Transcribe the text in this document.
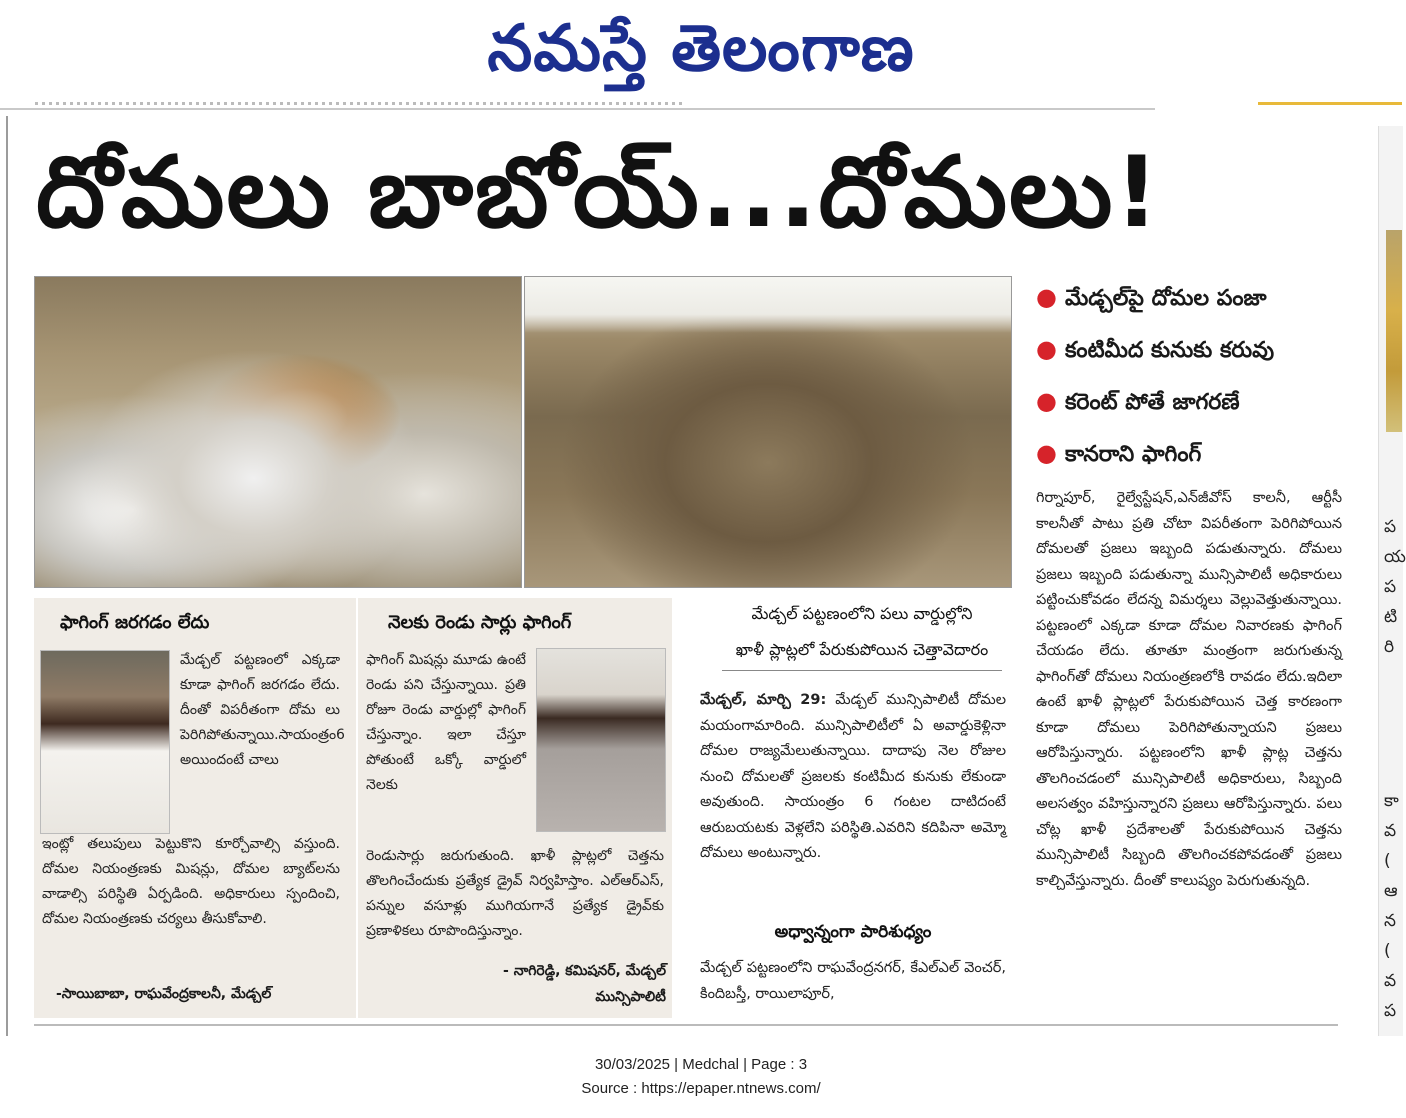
నమస్తే తెలంగాణ
ప
య
ప
టి
రి
కా
వ
(
ఆ
న
(
వ
ప
దోమలు బాబోయ్...దోమలు!
● మేడ్చల్‌పై దోమల పంజా
● కంటిమీద కునుకు కరువు
● కరెంట్ పోతే జాగరణే
● కానరాని ఫాగింగ్
గిర్నాపూర్, రైల్వేస్టేషన్,ఎన్‌జీవోస్ కాలనీ, ఆర్టీసీ కాలనీతో పాటు ప్రతి చోటా విపరీతంగా పెరిగిపోయిన దోమలతో ప్రజలు ఇబ్బంది పడుతున్నారు. దోమలు ప్రజలు ఇబ్బంది పడుతున్నా మున్సిపాలిటీ అధికారులు పట్టించుకోవడం లేదన్న విమర్శలు వెల్లువెత్తుతున్నాయి. పట్టణంలో ఎక్కడా కూడా దోమల నివారణకు ఫాగింగ్ చేయడం లేదు. తూతూ మంత్రంగా జరుగుతున్న ఫాగింగ్‌తో దోమలు నియంత్రణలోకి రావడం లేదు.ఇదిలా ఉంటే ఖాళీ ప్లాట్లలో పేరుకుపోయిన చెత్త కారణంగా కూడా దోమలు పెరిగిపోతున్నాయని ప్రజలు ఆరోపిస్తున్నారు. పట్టణంలోని ఖాళీ ప్లాట్ల చెత్తను తొలగించడంలో మున్సిపాలిటీ అధికారులు, సిబ్బంది అలసత్వం వహిస్తున్నారని ప్రజలు ఆరోపిస్తున్నారు. పలు చోట్ల ఖాళీ ప్రదేశాలతో పేరుకుపోయిన చెత్తను మున్సిపాలిటీ సిబ్బంది తొలగించకపోవడంతో ప్రజలు కాల్చివేస్తున్నారు. దీంతో కాలుష్యం పెరుగుతున్నది.
మేడ్చల్ పట్టణంలోని పలు వార్డుల్లోని
ఖాళీ ప్లాట్లలో పేరుకుపోయిన చెత్తావెదారం
మేడ్చల్, మార్చి 29: మేడ్చల్ మున్సిపాలిటీ దోమల మయంగామారింది. మున్సిపాలిటీలో ఏ అవార్డుకెళ్లినా దోమల రాజ్యమేలుతున్నాయి. దాదాపు నెల రోజుల నుంచి దోమలతో ప్రజలకు కంటిమీద కునుకు లేకుండా అవుతుంది. సాయంత్రం 6 గంటల దాటిదంటే ఆరుబయటకు వెళ్లలేని పరిస్థితి.ఎవరిని కదిపినా అమ్మో దోమలు అంటున్నారు.
అధ్వాన్నంగా పారిశుధ్యం
మేడ్చల్ పట్టణంలోని రాఘవేంద్రనగర్, కేఎల్‌ఎల్ వెంచర్, కిందిబస్తీ, రాయిలాపూర్,
ఫాగింగ్ జరగడం లేదు
మేడ్చల్ పట్టణంలో ఎక్కడా కూడా ఫాగింగ్ జరగడం లేదు. దీంతో విపరీతంగా దోమ లు పెరిగిపోతున్నాయి.సాయంత్రం6 అయిందంటే చాలు
ఇంట్లో తలుపులు పెట్టుకొని కూర్చోవాల్సి వస్తుంది. దోమల నియంత్రణకు మిషన్లు, దోమల బ్యాట్‌లను వాడాల్సి పరిస్థితి ఏర్పడింది. అధికారులు స్పందించి, దోమల నియంత్రణకు చర్యలు తీసుకోవాలి.
-సాయిబాబా, రాఘవేంద్రకాలనీ, మేడ్చల్
నెలకు రెండు సార్లు ఫాగింగ్
ఫాగింగ్ మిషన్లు మూడు ఉంటే రెండు పని చేస్తున్నాయి. ప్రతి రోజూ రెండు వార్డుల్లో ఫాగింగ్ చేస్తున్నాం. ఇలా చేస్తూ పోతుంటే ఒక్కో వార్డులో నెలకు
రెండుసార్లు జరుగుతుంది. ఖాళీ ప్లాట్లలో చెత్తను తొలగించేందుకు ప్రత్యేక డ్రైవ్ నిర్వహిస్తాం. ఎల్‌ఆర్‌ఎస్, పన్నుల వసూళ్లు ముగియగానే ప్రత్యేక డ్రైవ్‌కు ప్రణాళికలు రూపొందిస్తున్నాం.
- నాగిరెడ్డి, కమిషనర్, మేడ్చల్
మున్సిపాలిటీ
30/03/2025 | Medchal | Page : 3
Source : https://epaper.ntnews.com/
